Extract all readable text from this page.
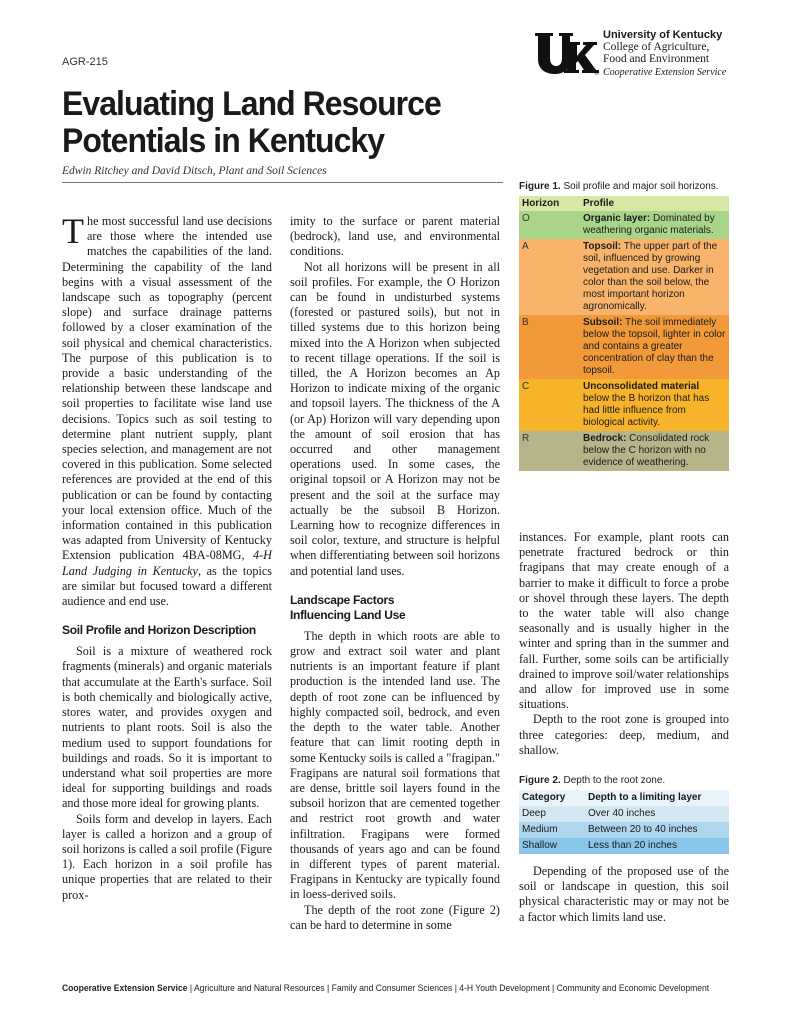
AGR-215
®
University of Kentucky
College of Agriculture,
Food and Environment
Cooperative Extension Service
Evaluating Land Resource
Potentials in Kentucky
Edwin Ritchey and David Ditsch, Plant and Soil Sciences

The most successful land use decisions are those where the intended use matches the capabilities of the land. Determining the capability of the land begins with a visual assessment of the landscape such as topography (percent slope) and surface drainage patterns followed by a closer examination of the soil physical and chemical characteristics. The purpose of this publication is to provide a basic understanding of the relationship between these landscape and soil properties to facilitate wise land use decisions. Topics such as soil testing to determine plant nutrient supply, plant species selection, and management are not covered in this publication. Some selected references are provided at the end of this publication or can be found by contacting your local extension office. Much of the information contained in this publication was adapted from University of Kentucky Extension publication 4BA-08MG, 4-H Land Judging in Kentucky, as the topics are similar but focused toward a different audience and end use.

Soil Profile and Horizon Description

Soil is a mixture of weathered rock fragments (minerals) and organic materials that accumulate at the Earth's surface. Soil is both chemically and biologically active, stores water, and provides oxygen and nutrients to plant roots. Soil is also the medium used to support foundations for buildings and roads. So it is important to understand what soil properties are more ideal for supporting buildings and roads and those more ideal for growing plants.

Soils form and develop in layers. Each layer is called a horizon and a group of soil horizons is called a soil profile (Figure 1). Each horizon in a soil profile has unique properties that are related to their prox-

imity to the surface or parent material (bedrock), land use, and environmental conditions.

Not all horizons will be present in all soil profiles. For example, the O Horizon can be found in undisturbed systems (forested or pastured soils), but not in tilled systems due to this horizon being mixed into the A Horizon when subjected to recent tillage operations. If the soil is tilled, the A Horizon becomes an Ap Horizon to indicate mixing of the organic and topsoil layers. The thickness of the A (or Ap) Horizon will vary depending upon the amount of soil erosion that has occurred and other management operations used. In some cases, the original topsoil or A Horizon may not be present and the soil at the surface may actually be the subsoil B Horizon. Learning how to recognize differences in soil color, texture, and structure is helpful when differentiating between soil horizons and potential land uses.

Landscape Factors
Influencing Land Use

The depth in which roots are able to grow and extract soil water and plant nutrients is an important feature if plant production is the intended land use. The depth of root zone can be influenced by highly compacted soil, bedrock, and even the depth to the water table. Another feature that can limit rooting depth in some Kentucky soils is called a "fragipan." Fragipans are natural soil formations that are dense, brittle soil layers found in the subsoil horizon that are cemented together and restrict root growth and water infiltration. Fragipans were formed thousands of years ago and can be found in different types of parent material. Fragipans in Kentucky are typically found in loess-derived soils.

The depth of the root zone (Figure 2) can be hard to determine in some

Figure 1. Soil profile and major soil horizons.
Horizon	Profile
O	Organic layer: Dominated by weathering organic materials.
A	Topsoil: The upper part of the soil, influenced by growing vegetation and use. Darker in color than the soil below, the most important horizon agronomically.
B	Subsoil: The soil immediately below the topsoil, lighter in color and contains a greater concentration of clay than the topsoil.
C	Unconsolidated material below the B horizon that has had little influence from biological activity.
R	Bedrock: Consolidated rock below the C horizon with no evidence of weathering.

instances. For example, plant roots can penetrate fractured bedrock or thin fragipans that may create enough of a barrier to make it difficult to force a probe or shovel through these layers. The depth to the water table will also change seasonally and is usually higher in the winter and spring than in the summer and fall. Further, some soils can be artificially drained to improve soil/water relationships and allow for improved use in some situations.

Depth to the root zone is grouped into three categories: deep, medium, and shallow.

Figure 2. Depth to the root zone.
Category	Depth to a limiting layer
Deep	Over 40 inches
Medium	Between 20 to 40 inches
Shallow	Less than 20 inches

Depending of the proposed use of the soil or landscape in question, this soil physical characteristic may or may not be a factor which limits land use.

Cooperative Extension Service | Agriculture and Natural Resources | Family and Consumer Sciences | 4-H Youth Development | Community and Economic Development
